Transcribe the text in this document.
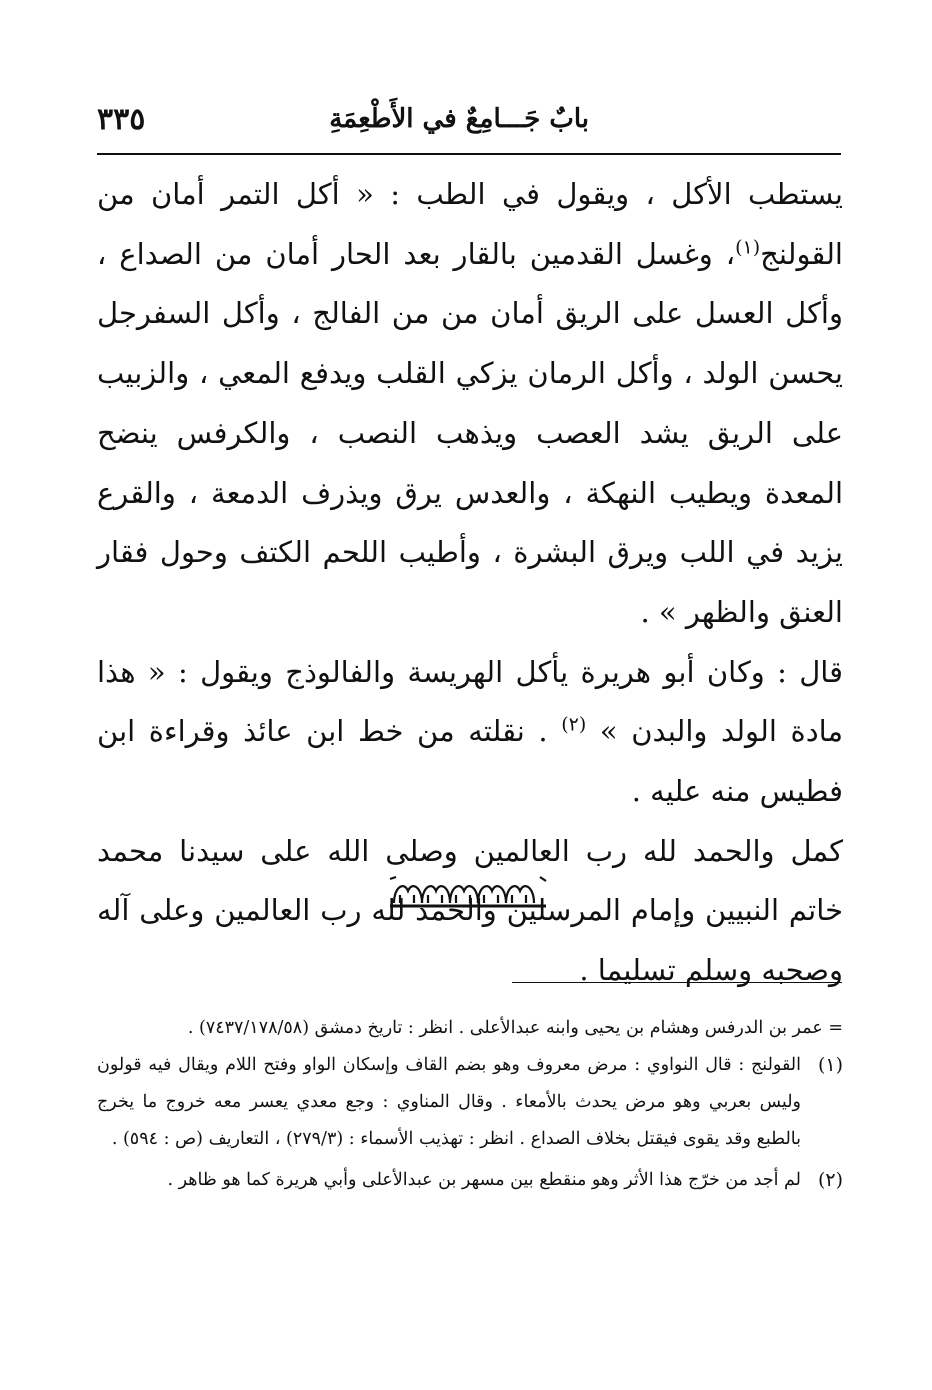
بابٌ جَـــامِعٌ في الأَطْعِمَةِ
٣٣٥

يستطب الأكل ، ويقول في الطب : « أكل التمر أمان من القولنج$^{(١)}$، وغسل القدمين بالقار بعد الحار أمان من الصداع ، وأكل العسل على الريق أمان من من الفالج ، وأكل السفرجل يحسن الولد ، وأكل الرمان يزكي القلب ويدفع المعي ، والزبيب على الريق يشد العصب ويذهب النصب ، والكرفس ينضح المعدة ويطيب النهكة ، والعدس يرق ويذرف الدمعة ، والقرع يزيد في اللب ويرق البشرة ، وأطيب اللحم الكتف وحول فقار العنق والظهر » .

قال : وكان أبو هريرة يأكل الهريسة والفالوذج ويقول : « هذا مادة الولد والبدن » $^{(٢)}$ . نقلته من خط ابن عائذ وقراءة ابن فطيس منه عليه .

كمل والحمد لله رب العالمين وصلى الله على سيدنا محمد خاتم النبيين وإمام المرسلين والحمد لله رب العالمين وعلى آله وصحبه وسلم تسليما .

= عمر بن الدرفس وهشام بن يحيى وابنه عبدالأعلى . انظر : تاريخ دمشق (٧٤٣٧/١٧٨/٥٨) .

(١)
القولنج : قال النواوي : مرض معروف وهو بضم القاف وإسكان الواو وفتح اللام ويقال فيه قولون وليس بعربي وهو مرض يحدث بالأمعاء . وقال المناوي : وجع معدي يعسر معه خروج ما يخرج بالطبع وقد يقوى فيقتل بخلاف الصداع . انظر : تهذيب الأسماء : (٢٧٩/٣) ، التعاريف (ص : ٥٩٤) .

(٢)
لم أجد من خرّج هذا الأثر وهو منقطع بين مسهر بن عبدالأعلى وأبي هريرة كما هو ظاهر .
